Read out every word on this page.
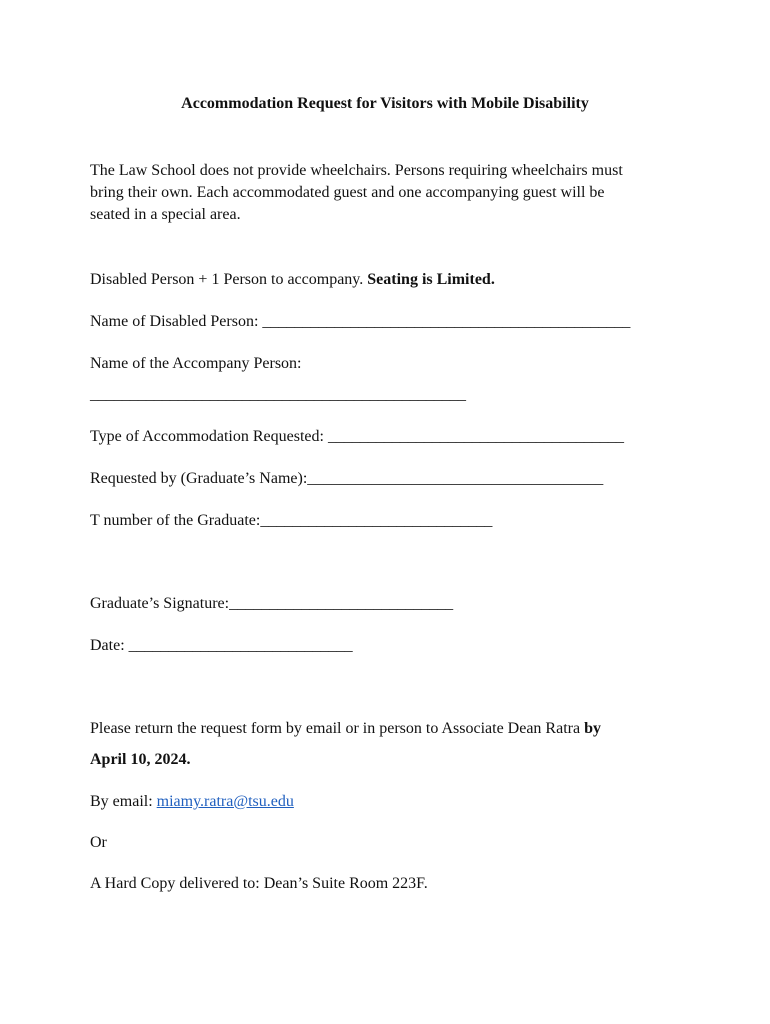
Accommodation Request for Visitors with Mobile Disability
The Law School does not provide wheelchairs. Persons requiring wheelchairs must
bring their own. Each accommodated guest and one accompanying guest will be
seated in a special area.
Disabled Person + 1 Person to accompany. Seating is Limited.
Name of Disabled Person: ______________________________________________
Name of the Accompany Person:
_______________________________________________
Type of Accommodation Requested: _____________________________________
Requested by (Graduate’s Name):_____________________________________
T number of the Graduate:_____________________________
Graduate’s Signature:____________________________
Date: ____________________________
Please return the request form by email or in person to Associate Dean Ratra by
April 10, 2024.
By email: miamy.ratra@tsu.edu
Or
A Hard Copy delivered to: Dean’s Suite Room 223F.
